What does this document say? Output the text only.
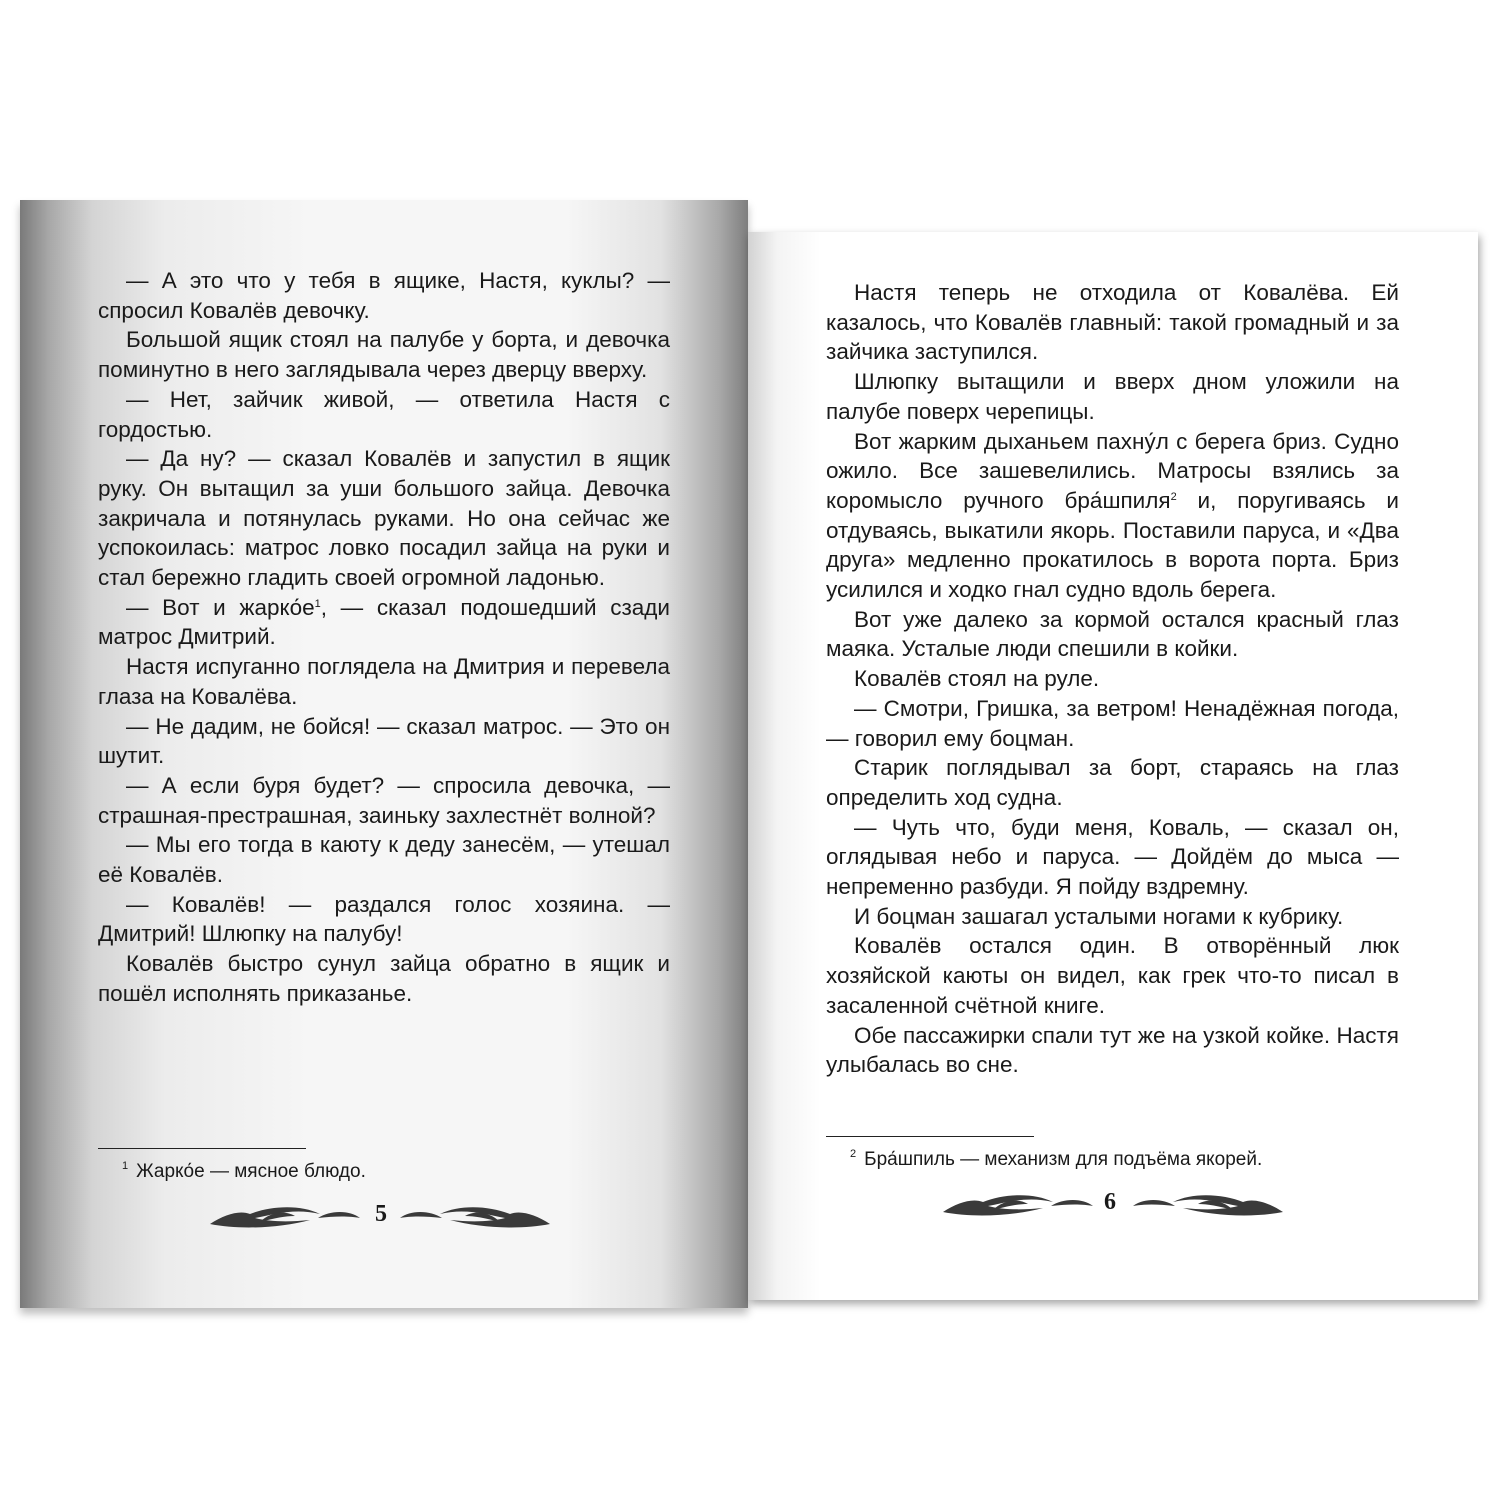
— А это что у тебя в ящике, Настя, куклы? — спросил Ковалёв девочку.

Большой ящик стоял на палубе у борта, и девочка поминутно в него заглядывала через дверцу вверху.

— Нет, зайчик живой, — ответила Настя с гордостью.

— Да ну? — сказал Ковалёв и запустил в ящик руку. Он вытащил за уши большого зайца. Девочка закричала и потянулась руками. Но она сейчас же успокоилась: матрос ловко посадил зайца на руки и стал бережно гладить своей огромной ладонью.

— Вот и $жарко́е^1$, — сказал подошедший сзади матрос Дмитрий.

Настя испуганно поглядела на Дмитрия и перевела глаза на Ковалёва.

— Не дадим, не бойся! — сказал матрос. — Это он шутит.

— А если буря будет? — спросила девочка, — страшная-престрашная, заиньку захлестнёт волной?

— Мы его тогда в каюту к деду занесём, — утешал её Ковалёв.

— Ковалёв! — раздался голос хозяина. — Дмитрий! Шлюпку на палубу!

Ковалёв быстро сунул зайца обратно в ящик и пошёл исполнять приказанье.

$^1$ Жарко́е — мясное блюдо.
5

Настя теперь не отходила от Ковалёва. Ей казалось, что Ковалёв главный: такой громадный и за зайчика заступился.

Шлюпку вытащили и вверх дном уложили на палубе поверх черепицы.

Вот жарким дыханьем пахну́л с берега бриз. Судно ожило. Все зашевелились. Матросы взялись за коромысло ручного бра́шпиля$^2$ и, поругиваясь и отдуваясь, выкатили якорь. Поставили паруса, и «Два друга» медленно прокатилось в ворота порта. Бриз усилился и ходко гнал судно вдоль берега.

Вот уже далеко за кормой остался красный глаз маяка. Усталые люди спешили в койки.

Ковалёв стоял на руле.

— Смотри, Гришка, за ветром! Ненадёжная погода, — говорил ему боцман.

Старик поглядывал за борт, стараясь на глаз определить ход судна.

— Чуть что, буди меня, Коваль, — сказал он, оглядывая небо и паруса. — Дойдём до мыса — непременно разбуди. Я пойду вздремну.

И боцман зашагал усталыми ногами к кубрику.

Ковалёв остался один. В отворённый люк хозяйской каюты он видел, как грек что-то писал в засаленной счётной книге.

Обе пассажирки спали тут же на узкой койке. Настя улыбалась во сне.

$^2$ Бра́шпиль — механизм для подъёма якорей.
6
